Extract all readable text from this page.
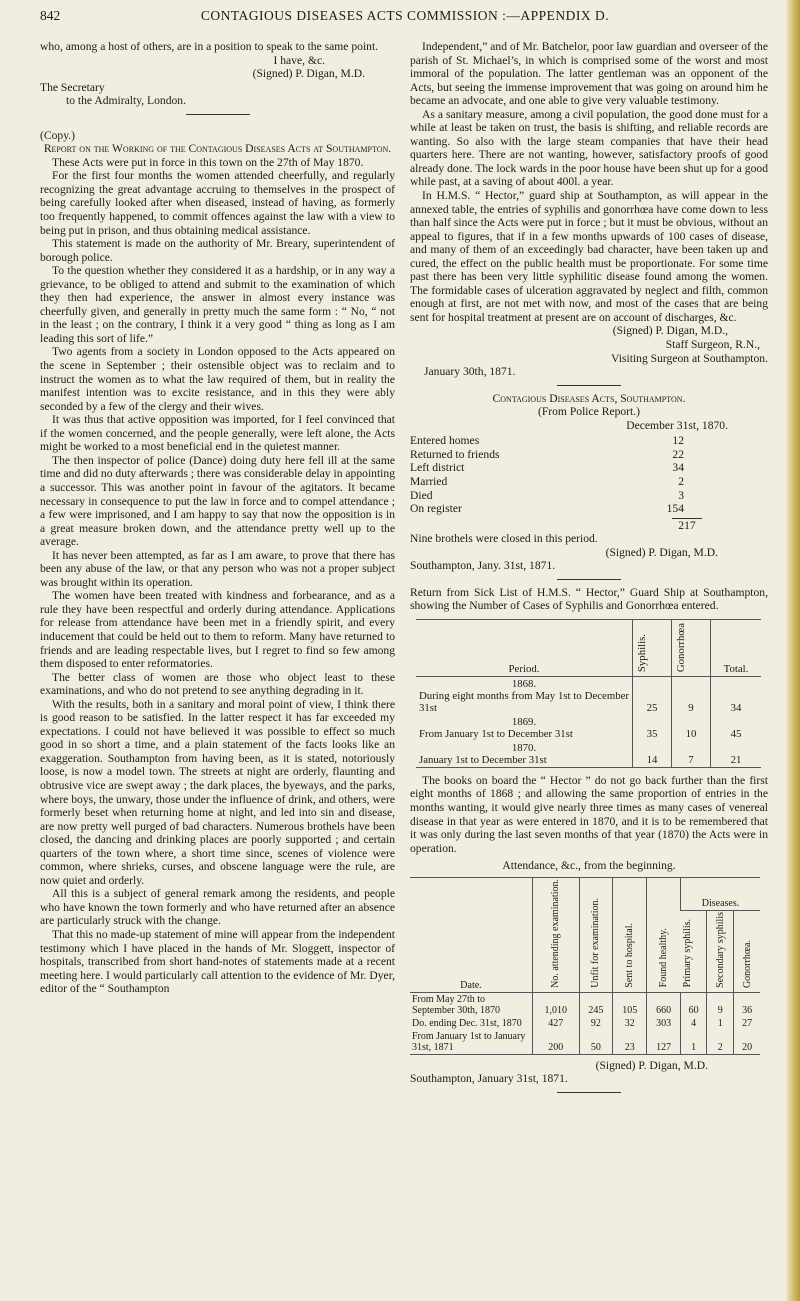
842	CONTAGIOUS DISEASES ACTS COMMISSION :—APPENDIX D.

who, among a host of others, are in a position to speak to the same point.

I have, &c.
(Signed) P. Digan, M.D.
The Secretary
to the Admiralty, London.
(Copy.)
Report on the Working of the Contagious Diseases Acts at Southampton.

These Acts were put in force in this town on the 27th of May 1870.

For the first four months the women attended cheerfully, and regularly recognizing the great advantage accruing to themselves in the prospect of being carefully looked after when diseased, instead of having, as formerly too frequently happened, to commit offences against the law with a view to being put in prison, and thus obtaining medical assistance.

This statement is made on the authority of Mr. Breary, superintendent of borough police.

To the question whether they considered it as a hardship, or in any way a grievance, to be obliged to attend and submit to the examination of which they then had experience, the answer in almost every instance was cheerfully given, and generally in pretty much the same form : “ No, “ not in the least ; on the contrary, I think it a very good “ thing as long as I am leading this sort of life.”

Two agents from a society in London opposed to the Acts appeared on the scene in September ; their ostensible object was to reclaim and to instruct the women as to what the law required of them, but in reality the manifest intention was to excite resistance, and in this they were ably seconded by a few of the clergy and their wives.

It was thus that active opposition was imported, for I feel convinced that if the women concerned, and the people generally, were left alone, the Acts might be worked to a most beneficial end in the quietest manner.

The then inspector of police (Dance) doing duty here fell ill at the same time and did no duty afterwards ; there was considerable delay in appointing a successor. This was another point in favour of the agitators. It became necessary in consequence to put the law in force and to compel attendance ; a few were imprisoned, and I am happy to say that now the opposition is in a great measure broken down, and the attendance pretty well up to the average.

It has never been attempted, as far as I am aware, to prove that there has been any abuse of the law, or that any person who was not a proper subject was brought within its operation.

The women have been treated with kindness and forbearance, and as a rule they have been respectful and orderly during attendance. Applications for release from attendance have been met in a friendly spirit, and every inducement that could be held out to them to reform. Many have returned to friends and are leading respectable lives, but I regret to find so few among them disposed to enter reformatories.

The better class of women are those who object least to these examinations, and who do not pretend to see anything degrading in it.

With the results, both in a sanitary and moral point of view, I think there is good reason to be satisfied. In the latter respect it has far exceeded my expectations. I could not have believed it was possible to effect so much good in so short a time, and a plain statement of the facts looks like an exaggeration. Southampton from having been, as it is stated, notoriously loose, is now a model town. The streets at night are orderly, flaunting and obtrusive vice are swept away ; the dark places, the byeways, and the parks, where boys, the unwary, those under the influence of drink, and others, were formerly beset when returning home at night, and led into sin and disease, are now pretty well purged of bad characters. Numerous brothels have been closed, the dancing and drinking places are poorly supported ; and certain quarters of the town where, a short time since, scenes of violence were common, where shrieks, curses, and obscene language were the rule, are now quiet and orderly.

All this is a subject of general remark among the residents, and people who have known the town formerly and who have returned after an absence are particularly struck with the change.

That this no made-up statement of mine will appear from the independent testimony which I have placed in the hands of Mr. Sloggett, inspector of hospitals, transcribed from short hand-notes of statements made at a recent meeting here. I would particularly call attention to the evidence of Mr. Dyer, editor of the “ Southampton

Independent,” and of Mr. Batchelor, poor law guardian and overseer of the parish of St. Michael’s, in which is comprised some of the worst and most immoral of the population. The latter gentleman was an opponent of the Acts, but seeing the immense improvement that was going on around him he became an advocate, and one able to give very valuable testimony.

As a sanitary measure, among a civil population, the good done must for a while at least be taken on trust, the basis is shifting, and reliable records are wanting. So also with the large steam companies that have their head quarters here. There are not wanting, however, satisfactory proofs of good already done. The lock wards in the poor house have been shut up for a good while past, at a saving of about 400l. a year.

In H.M.S. “ Hector,” guard ship at Southampton, as will appear in the annexed table, the entries of syphilis and gonorrhœa have come down to less than half since the Acts were put in force ; but it must be obvious, without an appeal to figures, that if in a few months upwards of 100 cases of disease, and many of them of an exceedingly bad character, have been taken up and cured, the effect on the public health must be proportionate. For some time past there has been very little syphilitic disease found among the women. The formidable cases of ulceration aggravated by neglect and filth, common enough at first, are not met with now, and most of the cases that are being sent for hospital treatment at present are on account of discharges, &c.

(Signed) P. Digan, M.D.,
Staff Surgeon, R.N.,
Visiting Surgeon at Southampton.
January 30th, 1871.
Contagious Diseases Acts, Southampton.
(From Police Report.)
December 31st, 1870.
Entered homes	12
Returned to friends	22
Left district	34
Married	2
Died	3
On register	154
217
Nine brothels were closed in this period.
(Signed) P. Digan, M.D.
Southampton, Jany. 31st, 1871.

Return from Sick List of H.M.S. “ Hector,” Guard Ship at Southampton, showing the Number of Cases of Syphilis and Gonorrhœa entered.

Period.	Syphilis.	Gonorrhœa	Total.

1868.
During eight months from May 1st to December 31st	25	9	34

1869.
From January 1st to December 31st	35	10	45

1870.
January 1st to December 31st	14	7	21

The books on board the “ Hector ” do not go back further than the first eight months of 1868 ; and allowing the same proportion of entries in the months wanting, it would give nearly three times as many cases of venereal disease in that year as were entered in 1870, and it is to be remembered that it was only during the last seven months of that year (1870) the Acts were in operation.

Attendance, &c., from the beginning.
Date.	No. attending examination.	Unfit for examination.	Sent to hospital.	Found healthy.	Diseases.		
					Primary syphilis.	Secondary syphilis	Gonorrhœa.
From May 27th to September 30th, 1870	1,010	245	105	660	60	9	36
Do. ending Dec. 31st, 1870	427	92	32	303	4	1	27
From January 1st to January 31st, 1871	200	50	23	127	1	2	20
(Signed) P. Digan, M.D.
Southampton, January 31st, 1871.
